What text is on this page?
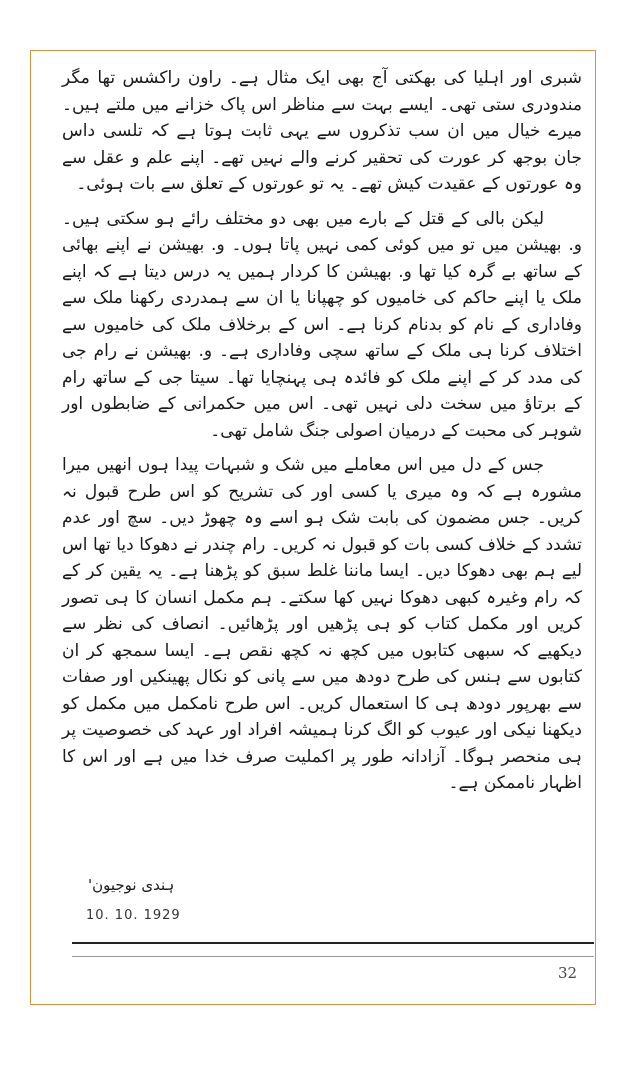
شبری اور اہلیا کی بھکتی آج بھی ایک مثال ہے۔ راون راکشس تھا مگر مندودری ستی تھی۔ ایسے بہت سے مناظر اس پاک خزانے میں ملتے ہیں۔ میرے خیال میں ان سب تذکروں سے یہی ثابت ہوتا ہے کہ تلسی داس جان بوجھ کر عورت کی تحقیر کرنے والے نہیں تھے۔ اپنے علم و عقل سے وہ عورتوں کے عقیدت کیش تھے۔ یہ تو عورتوں کے تعلق سے بات ہوئی۔

لیکن بالی کے قتل کے بارے میں بھی دو مختلف رائے ہو سکتی ہیں۔ و. بھیشن میں تو میں کوئی کمی نہیں پاتا ہوں۔ و. بھیشن نے اپنے بھائی کے ساتھ بے گرہ کیا تھا و. بھیشن کا کردار ہمیں یہ درس دیتا ہے کہ اپنے ملک یا اپنے حاکم کی خامیوں کو چھپانا یا ان سے ہمدردی رکھنا ملک سے وفاداری کے نام کو بدنام کرنا ہے۔ اس کے برخلاف ملک کی خامیوں سے اختلاف کرنا ہی ملک کے ساتھ سچی وفاداری ہے۔ و. بھیشن نے رام جی کی مدد کر کے اپنے ملک کو فائدہ ہی پہنچایا تھا۔ سیتا جی کے ساتھ رام کے برتاؤ میں سخت دلی نہیں تھی۔ اس میں حکمرانی کے ضابطوں اور شوہر کی محبت کے درمیان اصولی جنگ شامل تھی۔

جس کے دل میں اس معاملے میں شک و شبہات پیدا ہوں انھیں میرا مشورہ ہے کہ وہ میری یا کسی اور کی تشریح کو اس طرح قبول نہ کریں۔ جس مضمون کی بابت شک ہو اسے وہ چھوڑ دیں۔ سچ اور عدم تشدد کے خلاف کسی بات کو قبول نہ کریں۔ رام چندر نے دھوکا دیا تھا اس لیے ہم بھی دھوکا دیں۔ ایسا ماننا غلط سبق کو پڑھنا ہے۔ یہ یقین کر کے کہ رام وغیرہ کبھی دھوکا نہیں کھا سکتے۔ ہم مکمل انسان کا ہی تصور کریں اور مکمل کتاب کو ہی پڑھیں اور پڑھائیں۔ انصاف کی نظر سے دیکھیے کہ سبھی کتابوں میں کچھ نہ کچھ نقص ہے۔ ایسا سمجھ کر ان کتابوں سے ہنس کی طرح دودھ میں سے پانی کو نکال پھینکیں اور صفات سے بھرپور دودھ ہی کا استعمال کریں۔ اس طرح نامکمل میں مکمل کو دیکھنا نیکی اور عیوب کو الگ کرنا ہمیشہ افراد اور عہد کی خصوصیت پر ہی منحصر ہوگا۔ آزادانہ طور پر اکملیت صرف خدا میں ہے اور اس کا اظہار ناممکن ہے۔

ہندی نوجیون'
10. 10. 1929
32
